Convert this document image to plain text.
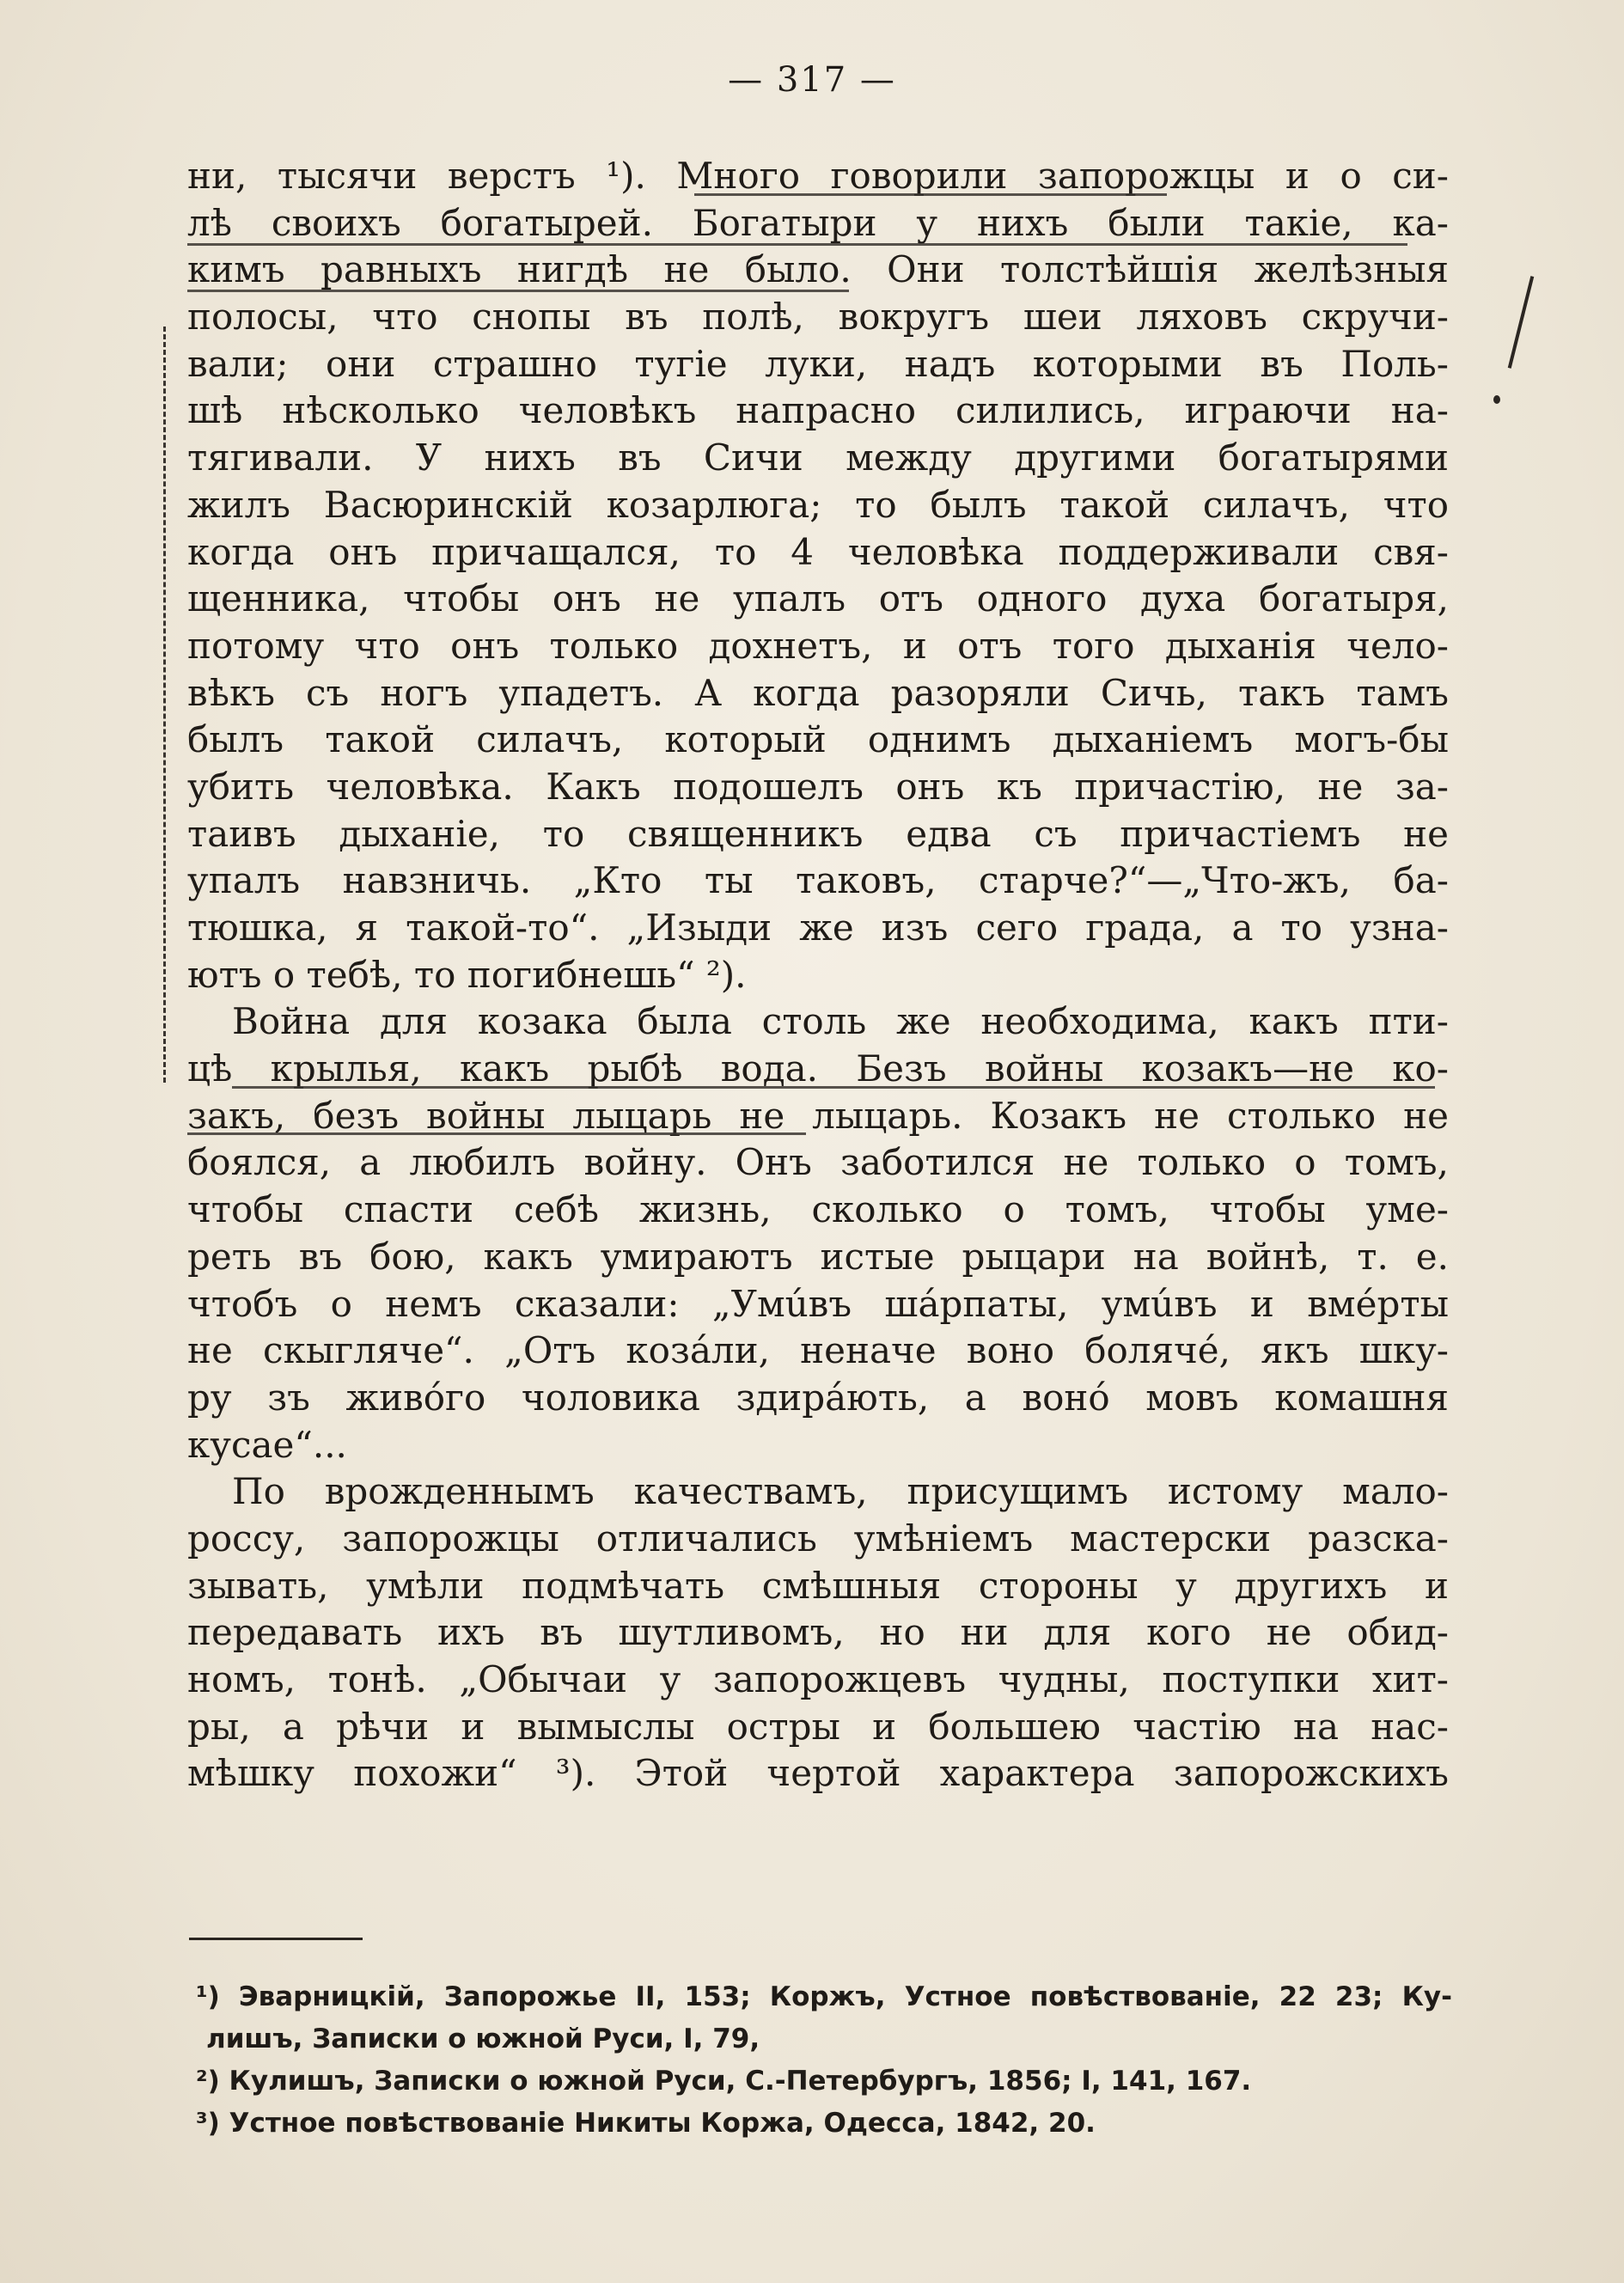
— 317 —
ни, тысячи верстъ ¹). Много говорили запорожцы и о си-
лѣ своихъ богатырей. Богатыри у нихъ были такіе, ка-
кимъ равныхъ нигдѣ не было. Они толстѣйшія желѣзныя
полосы, что снопы въ полѣ, вокругъ шеи ляховъ скручи-
вали; они страшно тугіе луки, надъ которыми въ Поль-
шѣ нѣсколько человѣкъ напрасно силились, играючи на-
тягивали. У нихъ въ Сичи между другими богатырями
жилъ Васюринскій козарлюга; то былъ такой силачъ, что
когда онъ причащался, то 4 человѣка поддерживали свя-
щенника, чтобы онъ не упалъ отъ одного духа богатыря,
потому что онъ только дохнетъ, и отъ того дыханія чело-
вѣкъ съ ногъ упадетъ. А когда разоряли Сичь, такъ тамъ
былъ такой силачъ, который однимъ дыханіемъ могъ-бы
убить человѣка. Какъ подошелъ онъ къ причастію, не за-
таивъ дыханіе, то священникъ едва съ причастіемъ не
упалъ навзничь. „Кто ты таковъ, старче?“—„Что-жъ, ба-
тюшка, я такой-то“. „Изыди же изъ сего града, а то узна-
ютъ о тебѣ, то погибнешь“ ²).
Война для козака была столь же необходима, какъ пти-
цѣ крылья, какъ рыбѣ вода. Безъ войны козакъ—не ко-
закъ, безъ войны лыцарь не лыцарь. Козакъ не столько не
боялся, а любилъ войну. Онъ заботился не только о томъ,
чтобы спасти себѣ жизнь, сколько о томъ, чтобы уме-
реть въ бою, какъ умираютъ истые рыцари на войнѣ, т. е.
чтобъ о немъ сказали: „Умúвъ шáрпаты, умúвъ и вмéрты
не скыгляче“. „Отъ козáли, неначе воно болячé, якъ шку-
ру зъ живóго чоловика здирáють, а вонó мовъ комашня
кусае“...
По врожденнымъ качествамъ, присущимъ истому мало-
россу, запорожцы отличались умѣніемъ мастерски разска-
зывать, умѣли подмѣчать смѣшныя стороны у другихъ и
передавать ихъ въ шутливомъ, но ни для кого не обид-
номъ, тонѣ. „Обычаи у запорожцевъ чудны, поступки хит-
ры, а рѣчи и вымыслы остры и большею частію на нас-
мѣшку похожи“ ³). Этой чертой характера запорожскихъ
¹) Эварницкій, Запорожье II, 153; Коржъ, Устное повѣствованіе, 22 23; Ку-
лишъ, Записки о южной Руси, I, 79,
²) Кулишъ, Записки о южной Руси, С.-Петербургъ, 1856; I, 141, 167.
³) Устное повѣствованіе Никиты Коржа, Одесса, 1842, 20.
